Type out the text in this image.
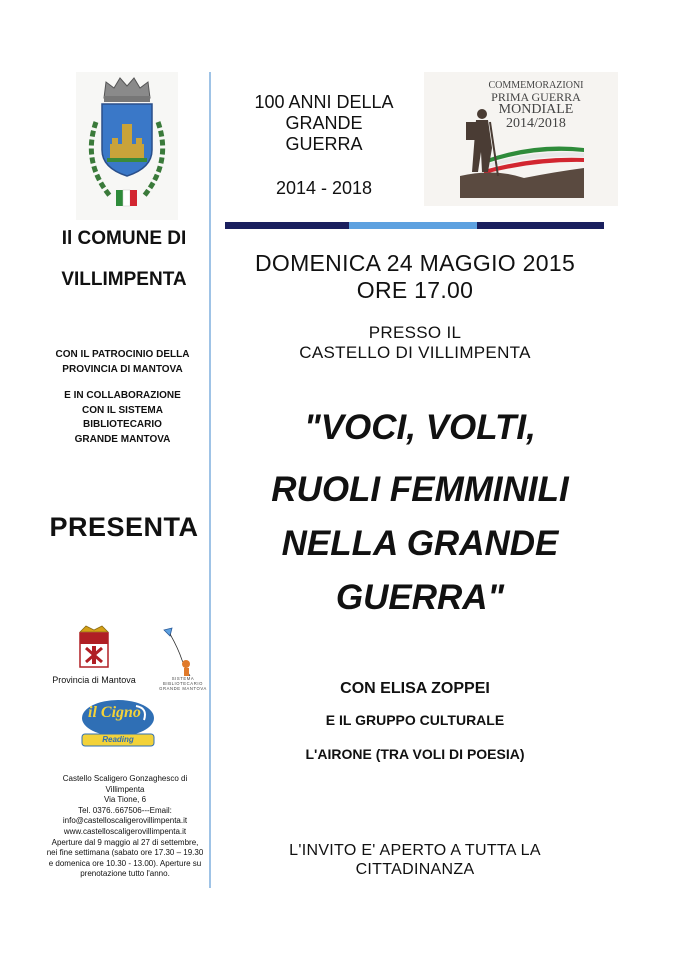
Il COMUNE DI
VILLIMPENTA
CON IL PATROCINIO DELLA
PROVINCIA DI MANTOVA
E IN COLLABORAZIONE
CON IL SISTEMA
BIBLIOTECARIO
GRANDE MANTOVA
PRESENTA
Provincia di Mantova	SISTEMA BIBLIOTECARIO GRANDE MANTOVA
il Cigno
Reading
Castello Scaligero Gonzaghesco di
Villimpenta
Via Tione, 6
Tel. 0376..667506---Email:
info@castelloscaligerovillimpenta.it
www.castelloscaligerovillimpenta.it
Aperture dal 9 maggio al 27 di settembre,
nei fine settimana (sabato ore 17.30 – 19.30
e domenica ore 10.30 - 13.00). Aperture su
prenotazione tutto l'anno.
100 ANNI DELLA
GRANDE
GUERRA
2014 - 2018
COMMEMORAZIONI
PRIMA GUERRA
MONDIALE
2014/2018
DOMENICA 24 MAGGIO 2015
ORE 17.00
PRESSO IL
CASTELLO DI VILLIMPENTA
"VOCI, VOLTI,
RUOLI FEMMINILI
NELLA GRANDE
GUERRA"
CON ELISA ZOPPEI
E IL GRUPPO CULTURALE
L'AIRONE (TRA VOLI DI POESIA)
L'INVITO E' APERTO A TUTTA LA
CITTADINANZA
